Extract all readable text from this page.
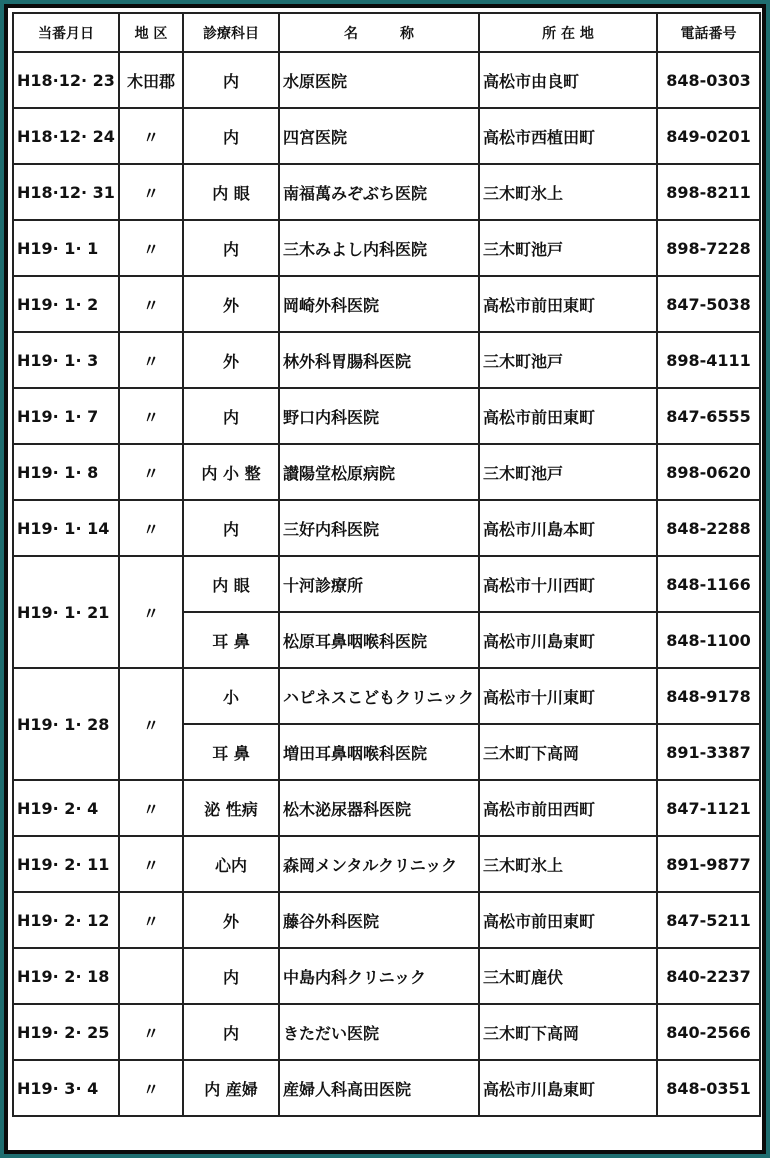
当番月日	地 区	診療科目	名　　　称	所 在 地	電話番号
H18·12· 23	木田郡	内	水原医院	高松市由良町	848-0303
H18·12· 24	〃	内	四宮医院	高松市西植田町	849-0201
H18·12· 31	〃	内 眼	南福萬みぞぶち医院	三木町氷上	898-8211
H19· 1· 1	〃	内	三木みよし内科医院	三木町池戸	898-7228
H19· 1· 2	〃	外	岡崎外科医院	高松市前田東町	847-5038
H19· 1· 3	〃	外	林外科胃腸科医院	三木町池戸	898-4111
H19· 1· 7	〃	内	野口内科医院	高松市前田東町	847-6555
H19· 1· 8	〃	内 小 整	讃陽堂松原病院	三木町池戸	898-0620
H19· 1· 14	〃	内	三好内科医院	高松市川島本町	848-2288
H19· 1· 21	〃	内 眼	十河診療所	高松市十川西町	848-1166
		耳 鼻	松原耳鼻咽喉科医院	高松市川島東町	848-1100
H19· 1· 28	〃	小	ハピネスこどもクリニック	高松市十川東町	848-9178
		耳 鼻	増田耳鼻咽喉科医院	三木町下高岡	891-3387
H19· 2· 4	〃	泌 性病	松木泌尿器科医院	高松市前田西町	847-1121
H19· 2· 11	〃	心内	森岡メンタルクリニック	三木町氷上	891-9877
H19· 2· 12	〃	外	藤谷外科医院	高松市前田東町	847-5211
H19· 2· 18		内	中島内科クリニック	三木町鹿伏	840-2237
H19· 2· 25	〃	内	きただい医院	三木町下高岡	840-2566
H19· 3· 4	〃	内 産婦	産婦人科高田医院	高松市川島東町	848-0351
